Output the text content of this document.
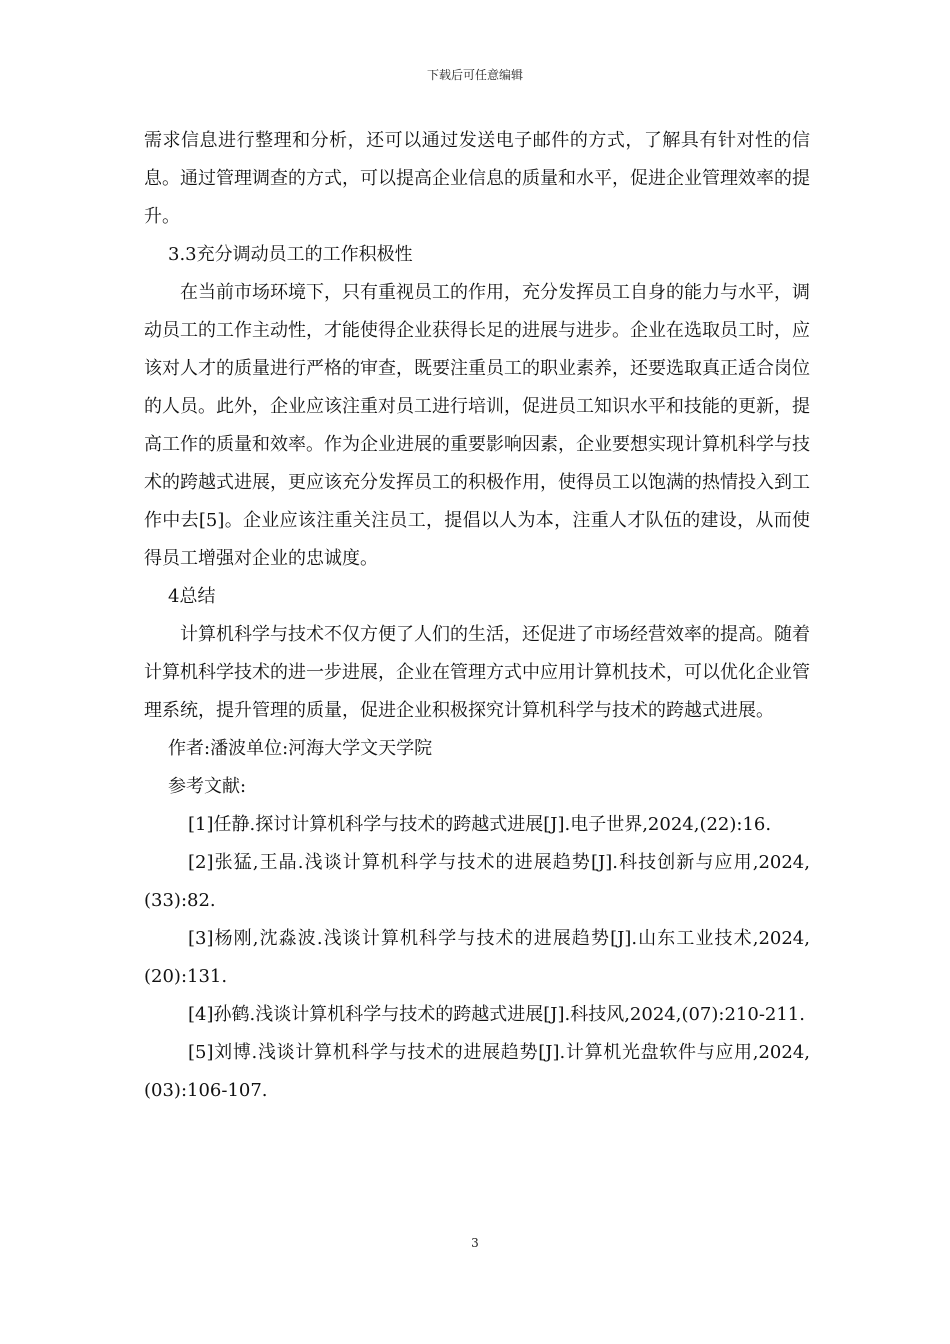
下载后可任意编辑

需求信息进行整理和分析，还可以通过发送电子邮件的方式，了解具有针对性的信息。通过管理调查的方式，可以提高企业信息的质量和水平，促进企业管理效率的提升。

3.3充分调动员工的工作积极性

在当前市场环境下，只有重视员工的作用，充分发挥员工自身的能力与水平，调动员工的工作主动性，才能使得企业获得长足的进展与进步。企业在选取员工时，应该对人才的质量进行严格的审查，既要注重员工的职业素养，还要选取真正适合岗位的人员。此外，企业应该注重对员工进行培训，促进员工知识水平和技能的更新，提高工作的质量和效率。作为企业进展的重要影响因素，企业要想实现计算机科学与技术的跨越式进展，更应该充分发挥员工的积极作用，使得员工以饱满的热情投入到工作中去[5]。企业应该注重关注员工，提倡以人为本，注重人才队伍的建设，从而使得员工增强对企业的忠诚度。

4总结

计算机科学与技术不仅方便了人们的生活，还促进了市场经营效率的提高。随着计算机科学技术的进一步进展，企业在管理方式中应用计算机技术，可以优化企业管理系统，提升管理的质量，促进企业积极探究计算机科学与技术的跨越式进展。

作者:潘波单位:河海大学文天学院

参考文献:

[1]任静.探讨计算机科学与技术的跨越式进展[J].电子世界,2024,(22):16.

[2]张猛,王晶.浅谈计算机科学与技术的进展趋势[J].科技创新与应用,2024,(33):82.

[3]杨刚,沈淼波.浅谈计算机科学与技术的进展趋势[J].山东工业技术,2024,(20):131.

[4]孙鹤.浅谈计算机科学与技术的跨越式进展[J].科技风,2024,(07):210-211.

[5]刘博.浅谈计算机科学与技术的进展趋势[J].计算机光盘软件与应用,2024,(03):106-107.

3
